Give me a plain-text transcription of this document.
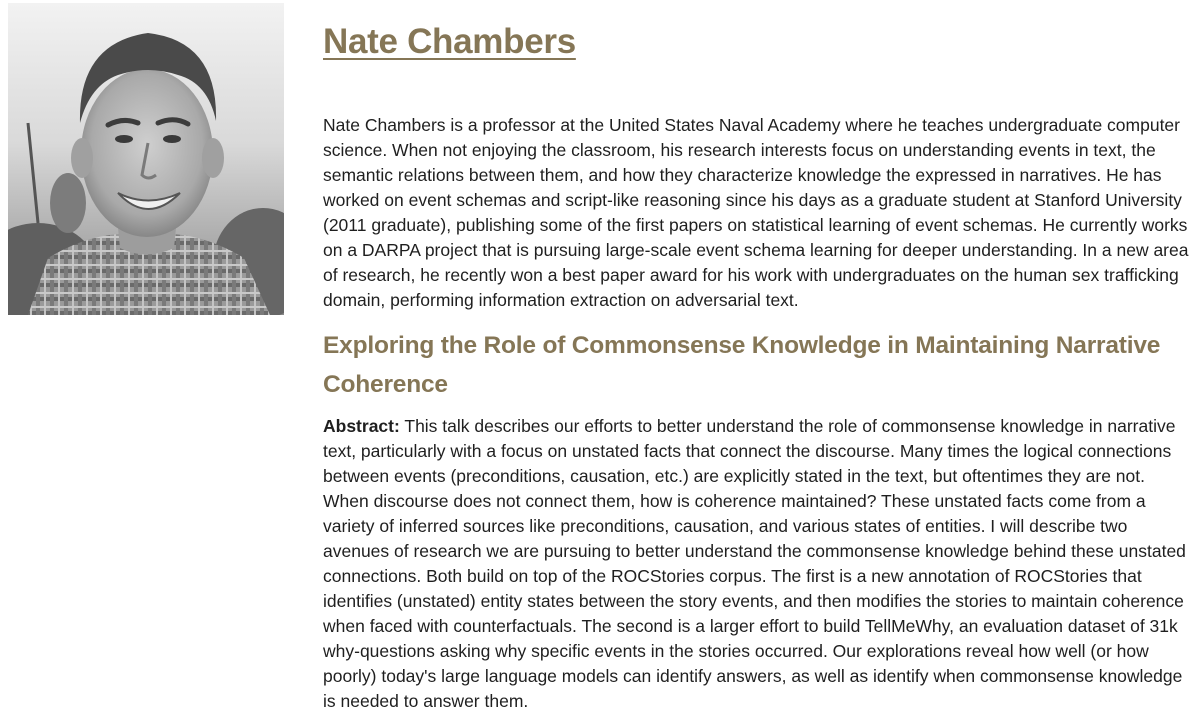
Nate Chambers

Nate Chambers is a professor at the United States Naval Academy where he teaches undergraduate computer science. When not enjoying the classroom, his research interests focus on understanding events in text, the semantic relations between them, and how they characterize knowledge the expressed in narratives. He has worked on event schemas and script-like reasoning since his days as a graduate student at Stanford University (2011 graduate), publishing some of the first papers on statistical learning of event schemas. He currently works on a DARPA project that is pursuing large-scale event schema learning for deeper understanding. In a new area of research, he recently won a best paper award for his work with undergraduates on the human sex trafficking domain, performing information extraction on adversarial text.

Exploring the Role of Commonsense Knowledge in Maintaining Narrative Coherence

Abstract: This talk describes our efforts to better understand the role of commonsense knowledge in narrative text, particularly with a focus on unstated facts that connect the discourse. Many times the logical connections between events (preconditions, causation, etc.) are explicitly stated in the text, but oftentimes they are not. When discourse does not connect them, how is coherence maintained? These unstated facts come from a variety of inferred sources like preconditions, causation, and various states of entities. I will describe two avenues of research we are pursuing to better understand the commonsense knowledge behind these unstated connections. Both build on top of the ROCStories corpus. The first is a new annotation of ROCStories that identifies (unstated) entity states between the story events, and then modifies the stories to maintain coherence when faced with counterfactuals. The second is a larger effort to build TellMeWhy, an evaluation dataset of 31k why-questions asking why specific events in the stories occurred. Our explorations reveal how well (or how poorly) today's large language models can identify answers, as well as identify when commonsense knowledge is needed to answer them.
